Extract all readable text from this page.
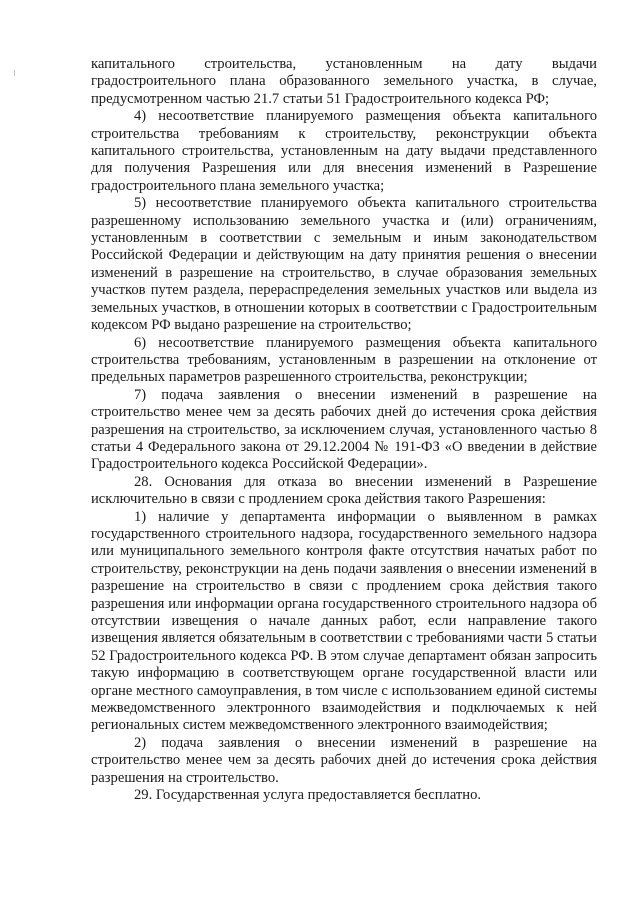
капитального строительства, установленным на дату выдачи градостроительного плана образованного земельного участка, в случае, предусмотренном частью 21.7 статьи 51 Градостроительного кодекса РФ;

4) несоответствие планируемого размещения объекта капитального строительства требованиям к строительству, реконструкции объекта капитального строительства, установленным на дату выдачи представленного для получения Разрешения или для внесения изменений в Разрешение градостроительного плана земельного участка;

5) несоответствие планируемого объекта капитального строительства разрешенному использованию земельного участка и (или) ограничениям, установленным в соответствии с земельным и иным законодательством Российской Федерации и действующим на дату принятия решения о внесении изменений в разрешение на строительство, в случае образования земельных участков путем раздела, перераспределения земельных участков или выдела из земельных участков, в отношении которых в соответствии с Градостроительным кодексом РФ выдано разрешение на строительство;

6) несоответствие планируемого размещения объекта капитального строительства требованиям, установленным в разрешении на отклонение от предельных параметров разрешенного строительства, реконструкции;

7) подача заявления о внесении изменений в разрешение на строительство менее чем за десять рабочих дней до истечения срока действия разрешения на строительство, за исключением случая, установленного частью 8 статьи 4 Федерального закона от 29.12.2004 № 191-ФЗ «О введении в действие Градостроительного кодекса Российской Федерации».

28. Основания для отказа во внесении изменений в Разрешение исключительно в связи с продлением срока действия такого Разрешения:

1) наличие у департамента информации о выявленном в рамках государственного строительного надзора, государственного земельного надзора или муниципального земельного контроля факте отсутствия начатых работ по строительству, реконструкции на день подачи заявления о внесении изменений в разрешение на строительство в связи с продлением срока действия такого разрешения или информации органа государственного строительного надзора об отсутствии извещения о начале данных работ, если направление такого извещения является обязательным в соответствии с требованиями части 5 статьи 52 Градостроительного кодекса РФ. В этом случае департамент обязан запросить такую информацию в соответствующем органе государственной власти или органе местного самоуправления, в том числе с использованием единой системы межведомственного электронного взаимодействия и подключаемых к ней региональных систем межведомственного электронного взаимодействия;

2) подача заявления о внесении изменений в разрешение на строительство менее чем за десять рабочих дней до истечения срока действия разрешения на строительство.

29. Государственная услуга предоставляется бесплатно.
